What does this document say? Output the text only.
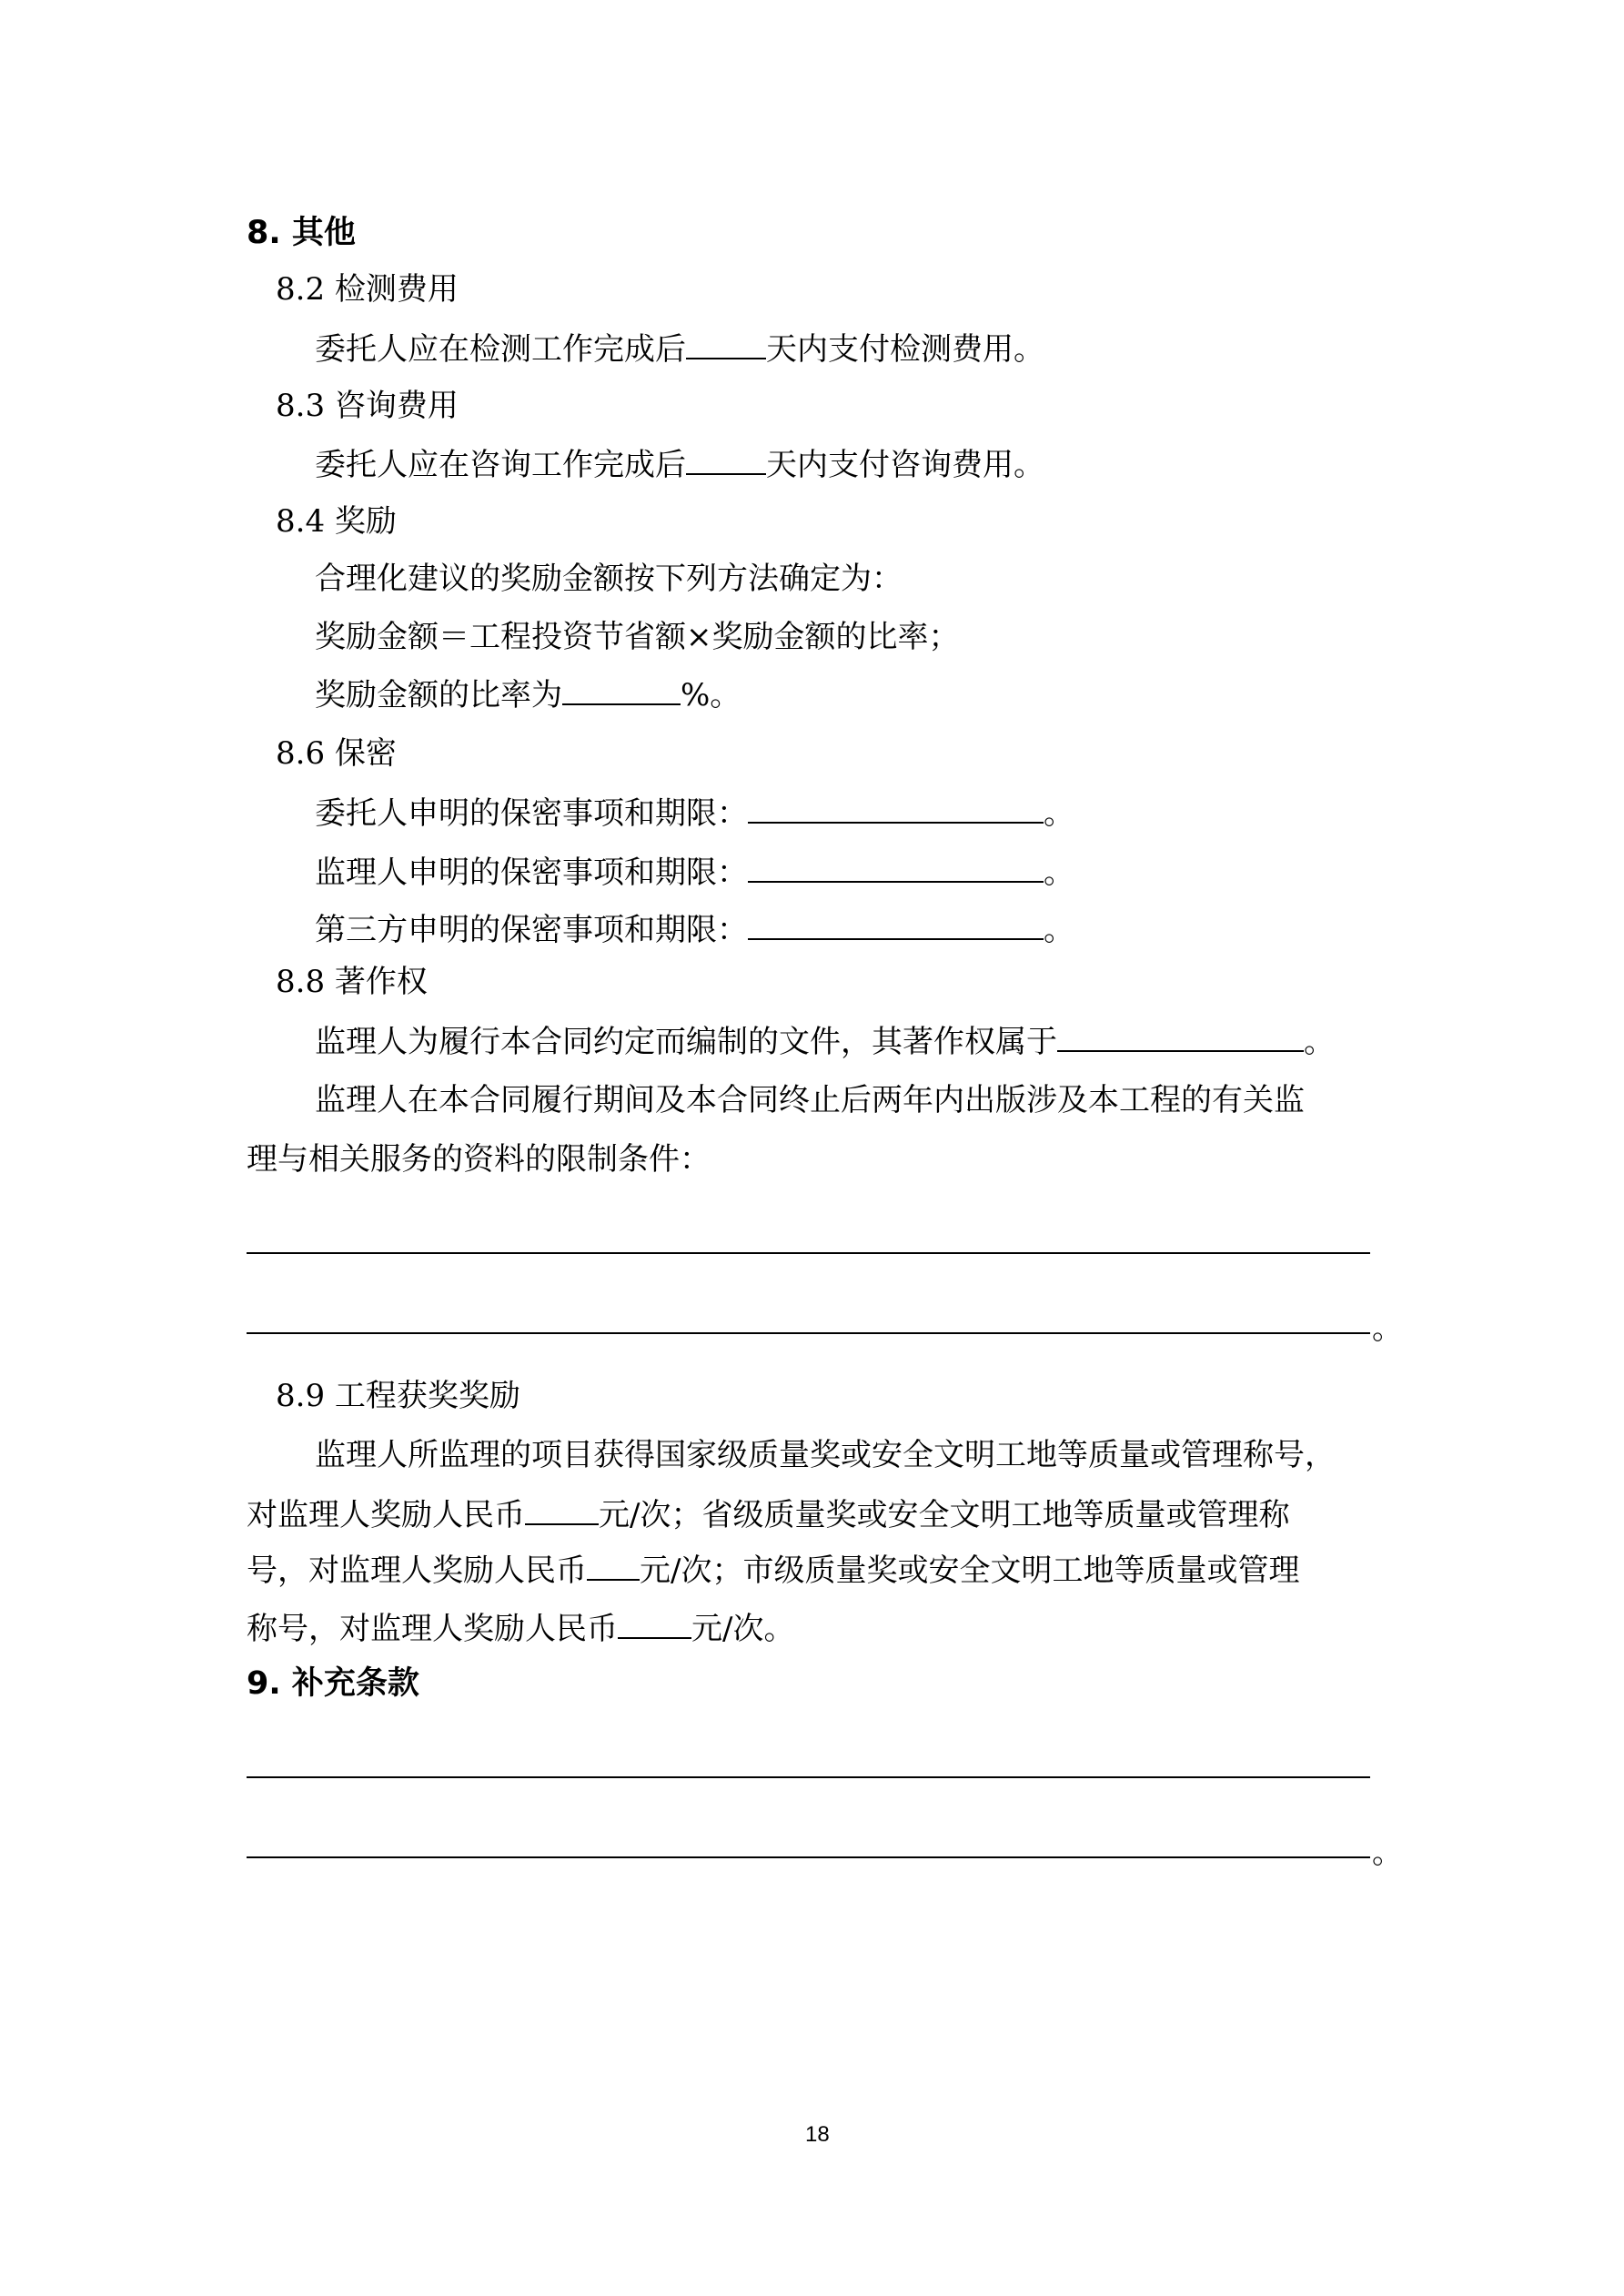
8. 其他
8.2 检测费用
委托人应在检测工作完成后	天内支付检测费用。
8.3 咨询费用
委托人应在咨询工作完成后	天内支付咨询费用。
8.4 奖励
合理化建议的奖励金额按下列方法确定为：
奖励金额＝工程投资节省额×奖励金额的比率；
奖励金额的比率为	%。
8.6 保密
委托人申明的保密事项和期限：	。
监理人申明的保密事项和期限：	。
第三方申明的保密事项和期限：	。
8.8 著作权
监理人为履行本合同约定而编制的文件，其著作权属于	。
监理人在本合同履行期间及本合同终止后两年内出版涉及本工程的有关监
理与相关服务的资料的限制条件：
。
8.9 工程获奖奖励
监理人所监理的项目获得国家级质量奖或安全文明工地等质量或管理称号，
对监理人奖励人民币 元/次；省级质量奖或安全文明工地等质量或管理称
号，对监理人奖励人民币 元/次；市级质量奖或安全文明工地等质量或管理
称号，对监理人奖励人民币 元/次。
9. 补充条款
。
18
